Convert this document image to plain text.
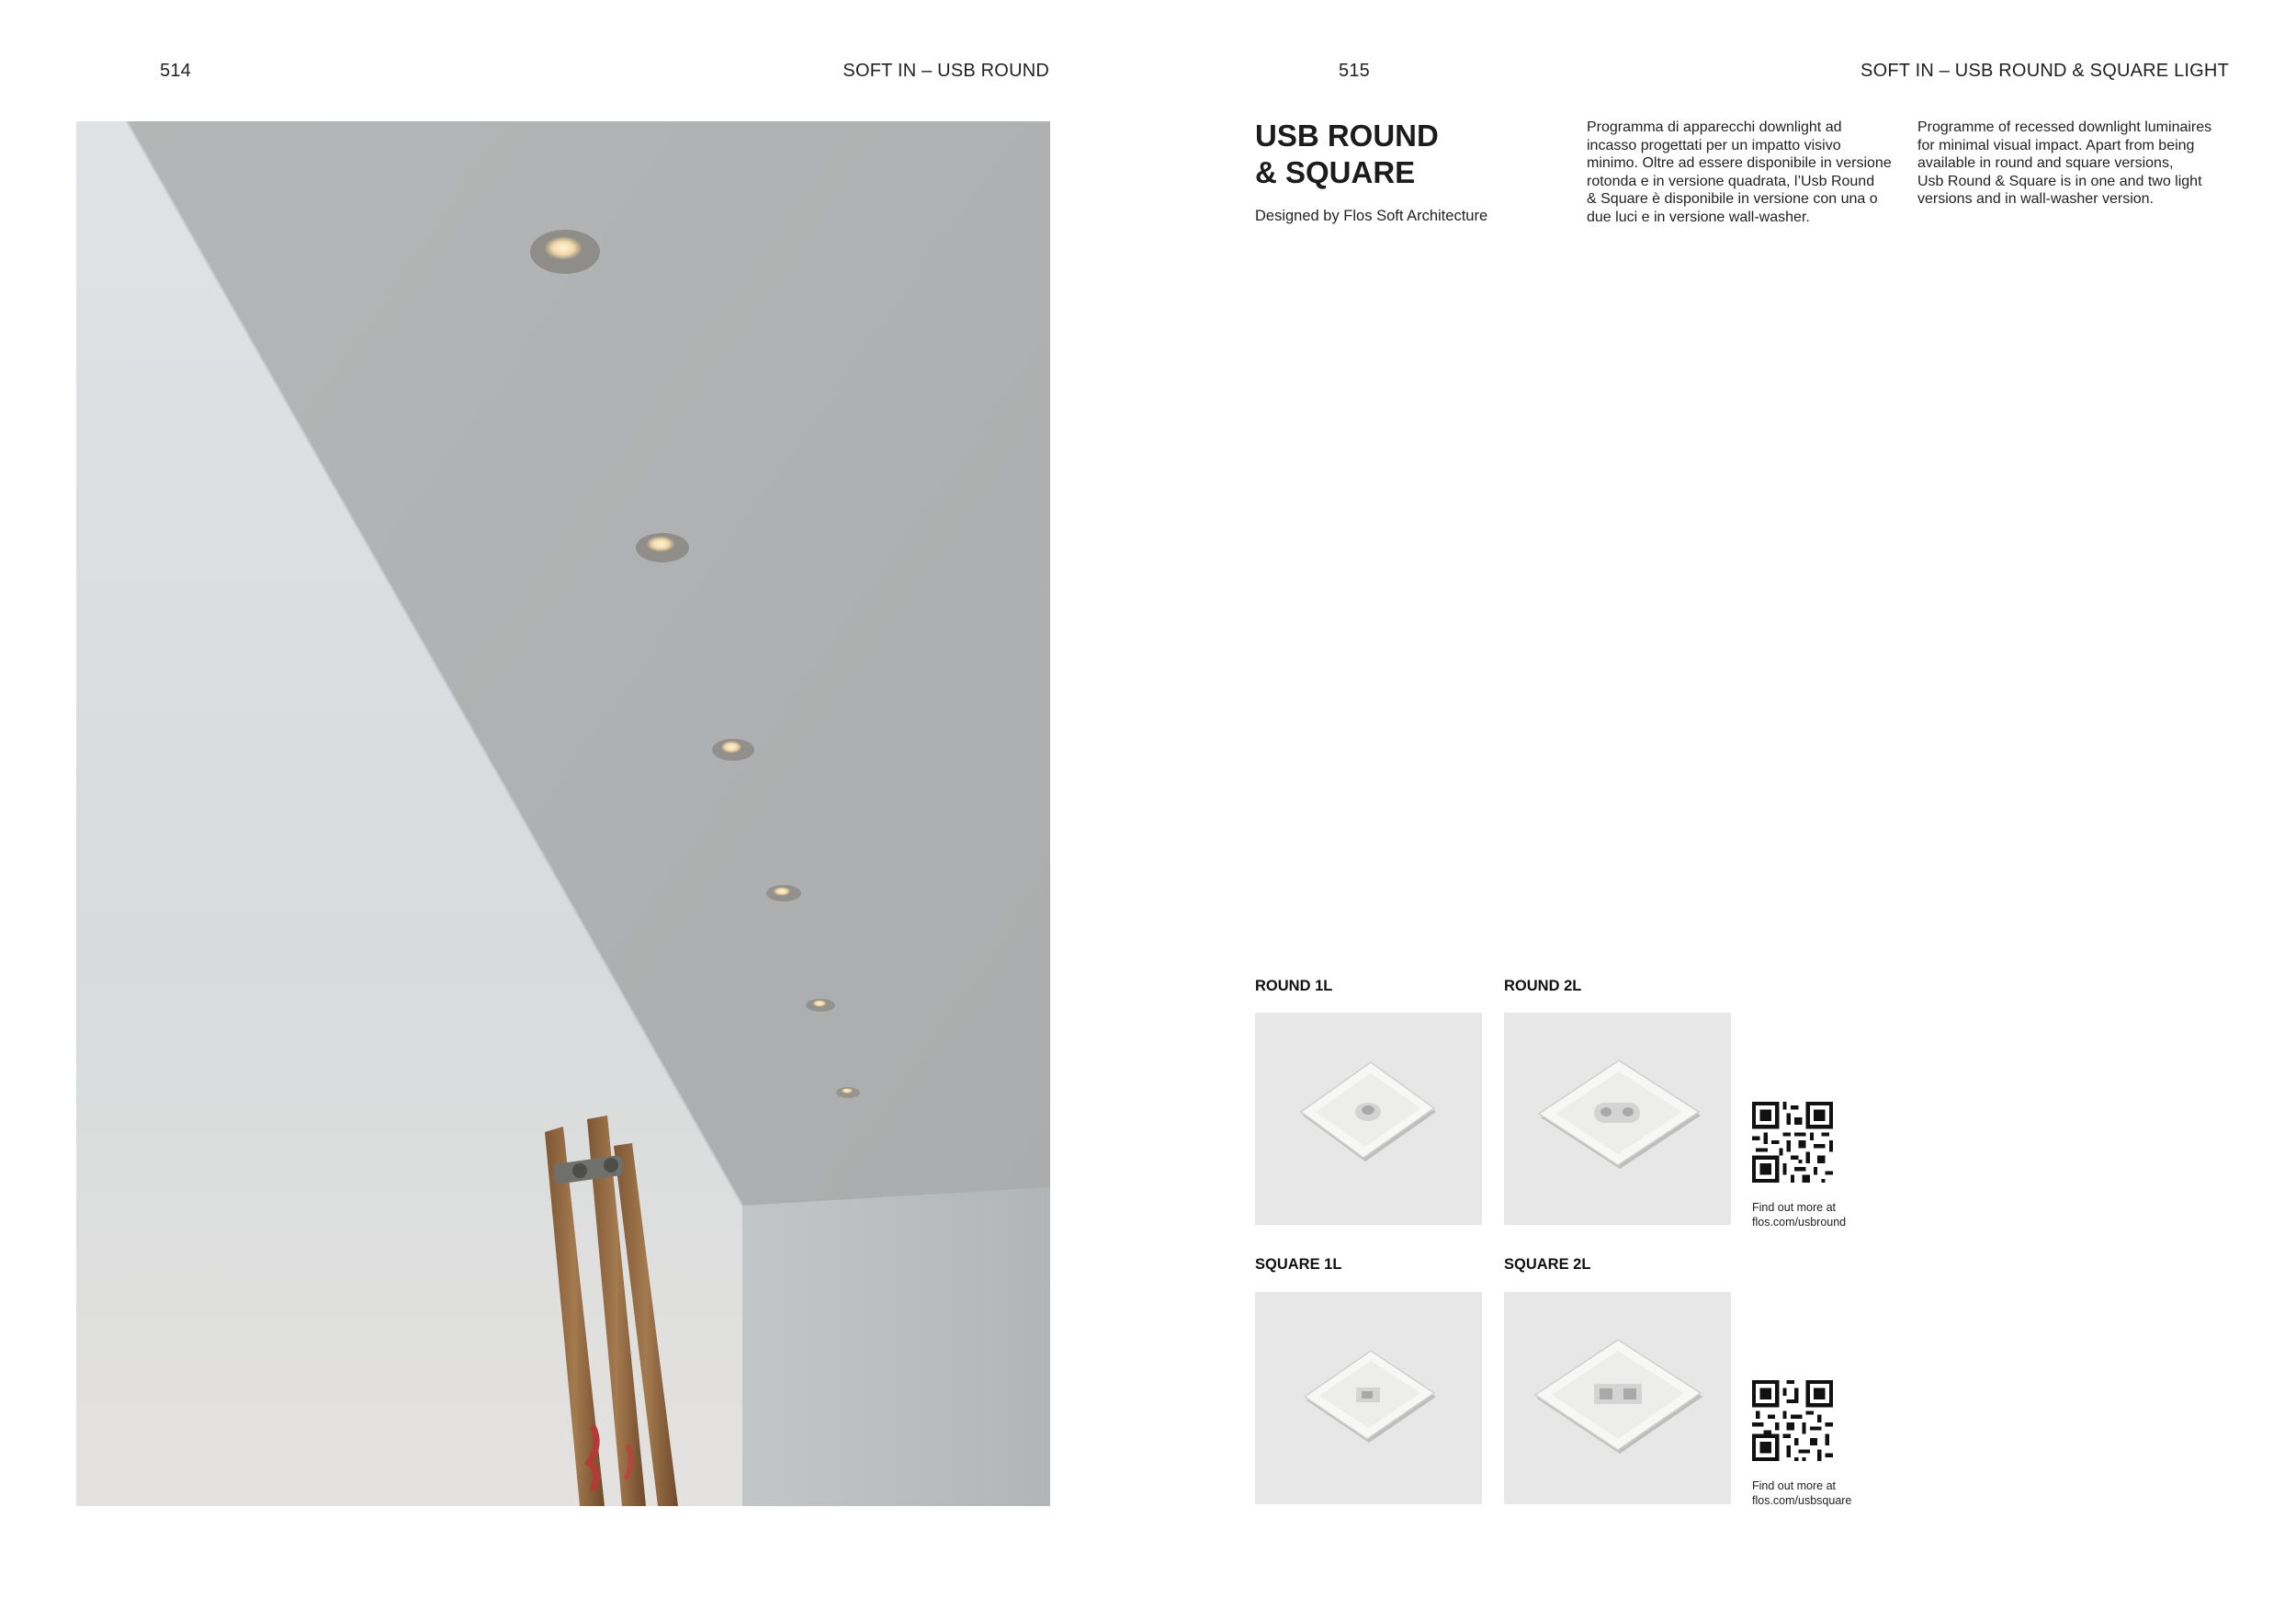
514	SOFT IN – USB ROUND	515	SOFT IN – USB ROUND & SQUARE LIGHT
USB ROUND
& SQUARE
Designed by Flos Soft Architecture
Programma di apparecchi downlight ad
incasso progettati per un impatto visivo
minimo. Oltre ad essere disponibile in versione
rotonda e in versione quadrata, l’Usb Round
& Square è disponibile in versione con una o
due luci e in versione wall-washer.
Programme of recessed downlight luminaires
for minimal visual impact. Apart from being
available in round and square versions,
Usb Round & Square is in one and two light
versions and in wall-washer version.
ROUND 1L	ROUND 2L
SQUARE 1L	SQUARE 2L
Find out more at
flos.com/usbround
Find out more at
flos.com/usbsquare
